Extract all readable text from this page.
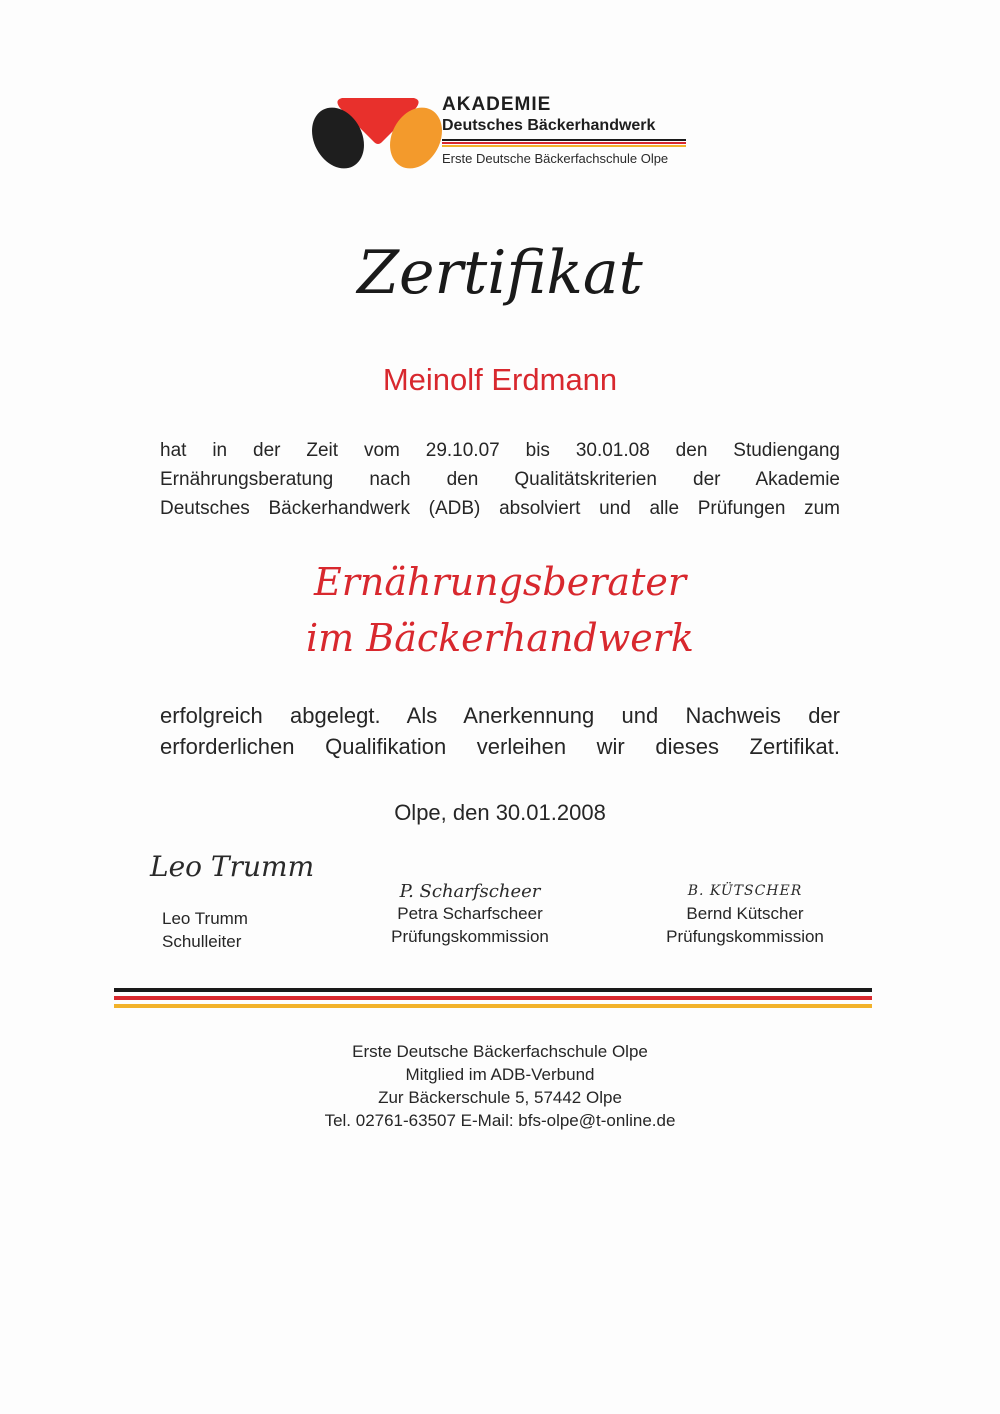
AKADEMIE
Deutsches Bäckerhandwerk
Erste Deutsche Bäckerfachschule Olpe
Zertifikat
Meinolf Erdmann
hat in der Zeit vom 29.10.07 bis 30.01.08 den Studiengang
Ernährungsberatung nach den Qualitätskriterien der Akademie
Deutsches Bäckerhandwerk (ADB) absolviert und alle Prüfungen zum
Ernährungsberater
im Bäckerhandwerk
erfolgreich abgelegt. Als Anerkennung und Nachweis der
erforderlichen Qualifikation verleihen wir dieses Zertifikat.
Olpe, den 30.01.2008
Leo Trumm
Leo Trumm
Schulleiter
P. Scharfscheer
Petra Scharfscheer
Prüfungskommission
B. KÜTSCHER
Bernd Kütscher
Prüfungskommission
Erste Deutsche Bäckerfachschule Olpe
Mitglied im ADB-Verbund
Zur Bäckerschule 5, 57442 Olpe
Tel. 02761-63507 E-Mail: bfs-olpe@t-online.de
